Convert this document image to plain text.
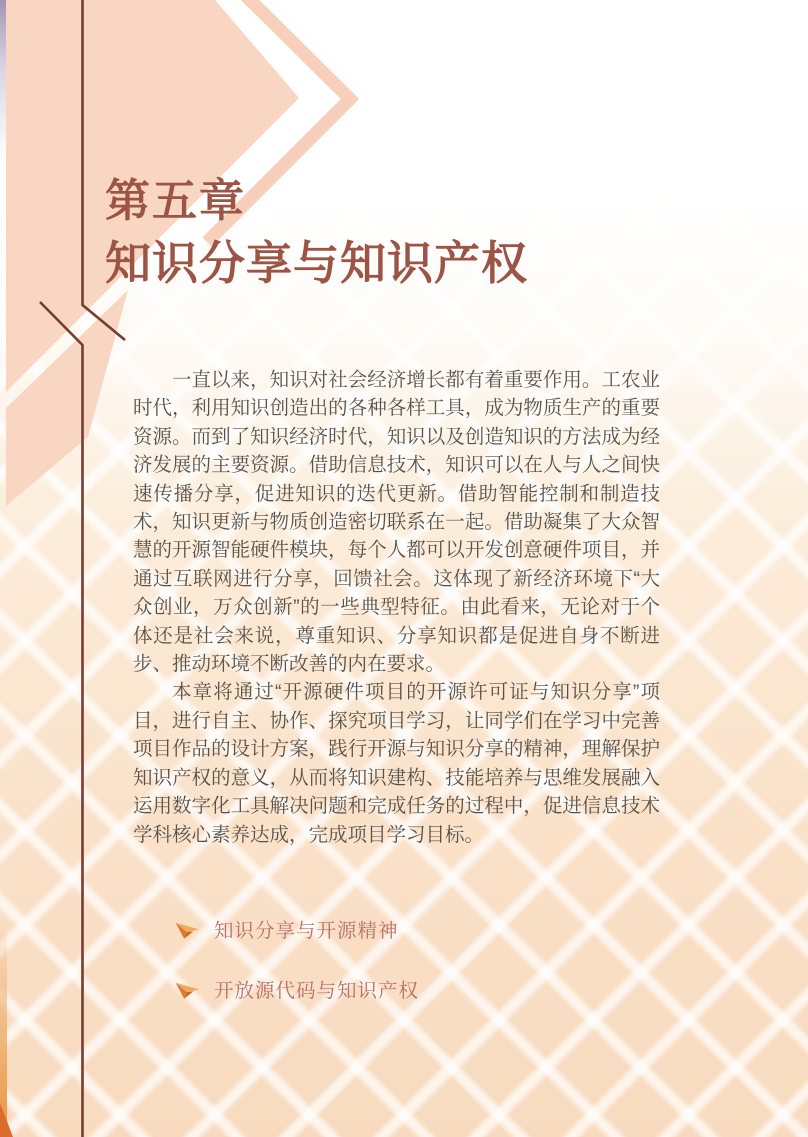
第五章
知识分享与知识产权

一直以来，知识对社会经济增长都有着重要作用。工农业时代，利用知识创造出的各种各样工具，成为物质生产的重要资源。而到了知识经济时代，知识以及创造知识的方法成为经济发展的主要资源。借助信息技术，知识可以在人与人之间快速传播分享，促进知识的迭代更新。借助智能控制和制造技术，知识更新与物质创造密切联系在一起。借助凝集了大众智慧的开源智能硬件模块，每个人都可以开发创意硬件项目，并通过互联网进行分享，回馈社会。这体现了新经济环境下“大众创业，万众创新”的一些典型特征。由此看来，无论对于个体还是社会来说，尊重知识、分享知识都是促进自身不断进步、推动环境不断改善的内在要求。

本章将通过“开源硬件项目的开源许可证与知识分享”项目，进行自主、协作、探究项目学习，让同学们在学习中完善项目作品的设计方案，践行开源与知识分享的精神，理解保护知识产权的意义，从而将知识建构、技能培养与思维发展融入运用数字化工具解决问题和完成任务的过程中，促进信息技术学科核心素养达成，完成项目学习目标。

知识分享与开源精神
开放源代码与知识产权
